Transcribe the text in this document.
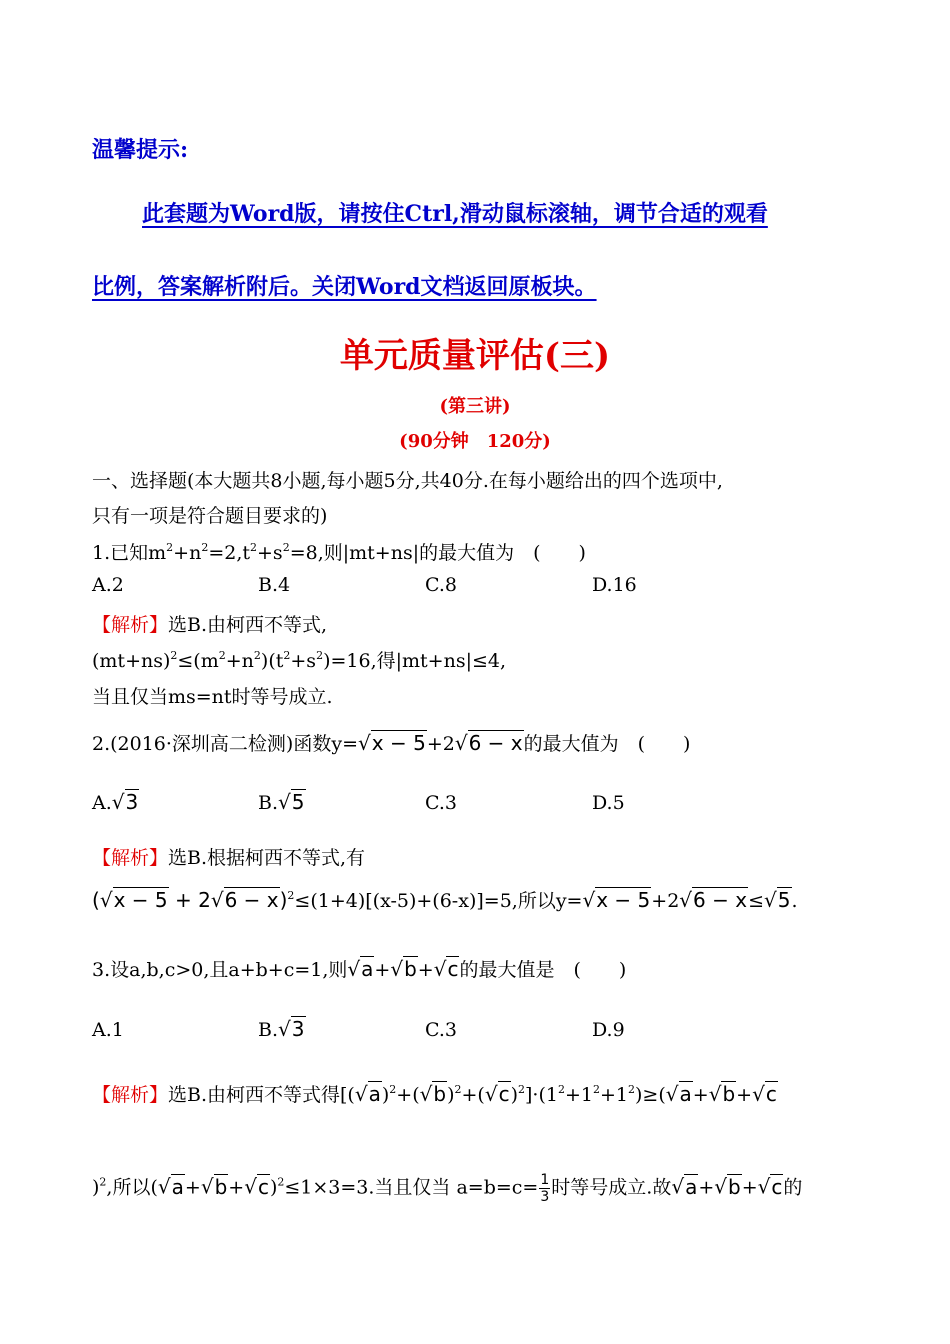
温馨提示:
此套题为Word版，请按住Ctrl,滑动鼠标滚轴，调节合适的观看
比例，答案解析附后。关闭Word文档返回原板块。
单元质量评估(三)
(第三讲)
(90分钟　120分)
一、选择题(本大题共8小题,每小题5分,共40分.在每小题给出的四个选项中,
只有一项是符合题目要求的)
1.已知$m^2+n^2=2,t^2+s^2=8$,则|mt+ns|的最大值为　(　　)
A.2	B.4	C.8	D.16
【解析】选B.由柯西不等式,
$(mt+ns)^2\le(m^2+n^2)(t^2+s^2)=16$,得|mt+ns|≤4,
当且仅当ms=nt时等号成立.
2.(2016·深圳高二检测)函数y=√x − 5+2√6 − x的最大值为　(　　)
A.√3	B.√5	C.3	D.5
【解析】选B.根据柯西不等式,有
$(√x - 5 + 2√6 - x)^2\le(1+4)[(x-5)+(6-x)]=5$,所以y=√x − 5+2√6 − x≤√5.
3.设a,b,c>0,且a+b+c=1,则√a+√b+√c的最大值是　(　　)
A.1	B.√3	C.3	D.9
【解析】选B.由柯西不等式得$[(√a)^2+(√b)^2+(√c)^2]\cdot(1^2+1^2+1^2)\ge(√a+√b+√c$
)$^2$,所以$(√a+√b+√c)^2\le 1\times 3=3$.当且仅当 $a=b=c= \frac{1}{3}$ 时等号成立.故√a+√b+√c的
